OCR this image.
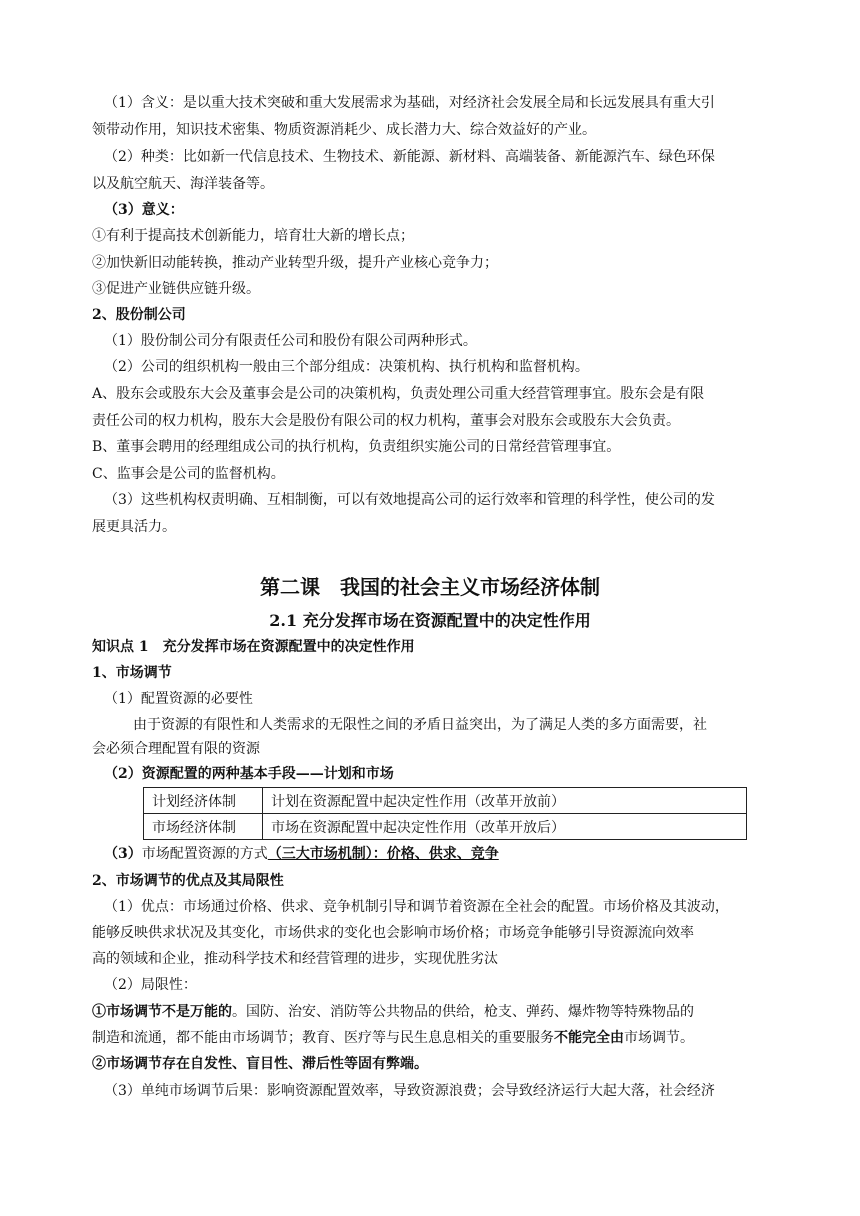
（1）含义：是以重大技术突破和重大发展需求为基础，对经济社会发展全局和长远发展具有重大引
领带动作用，知识技术密集、物质资源消耗少、成长潜力大、综合效益好的产业。
（2）种类：比如新一代信息技术、生物技术、新能源、新材料、高端装备、新能源汽车、绿色环保
以及航空航天、海洋装备等。
（3）意义：
①有利于提高技术创新能力，培育壮大新的增长点；
②加快新旧动能转换，推动产业转型升级，提升产业核心竞争力；
③促进产业链供应链升级。
2、股份制公司
（1）股份制公司分有限责任公司和股份有限公司两种形式。
（2）公司的组织机构一般由三个部分组成：决策机构、执行机构和监督机构。
A、股东会或股东大会及董事会是公司的决策机构，负责处理公司重大经营管理事宜。股东会是有限
责任公司的权力机构，股东大会是股份有限公司的权力机构，董事会对股东会或股东大会负责。
B、董事会聘用的经理组成公司的执行机构，负责组织实施公司的日常经营管理事宜。
C、监事会是公司的监督机构。
（3）这些机构权责明确、互相制衡，可以有效地提高公司的运行效率和管理的科学性，使公司的发
展更具活力。
第二课　我国的社会主义市场经济体制
2.1 充分发挥市场在资源配置中的决定性作用
知识点 1　充分发挥市场在资源配置中的决定性作用
1、市场调节
（1）配置资源的必要性
由于资源的有限性和人类需求的无限性之间的矛盾日益突出，为了满足人类的多方面需要，社
会必须合理配置有限的资源
（2）资源配置的两种基本手段——计划和市场
计划经济体制	计划在资源配置中起决定性作用（改革开放前）
市场经济体制	市场在资源配置中起决定性作用（改革开放后）
（3）市场配置资源的方式（三大市场机制）：价格、供求、竞争
2、市场调节的优点及其局限性
（1）优点：市场通过价格、供求、竞争机制引导和调节着资源在全社会的配置。市场价格及其波动，
能够反映供求状况及其变化，市场供求的变化也会影响市场价格；市场竞争能够引导资源流向效率
高的领域和企业，推动科学技术和经营管理的进步，实现优胜劣汰
（2）局限性：
①市场调节不是万能的。国防、治安、消防等公共物品的供给，枪支、弹药、爆炸物等特殊物品的
制造和流通，都不能由市场调节；教育、医疗等与民生息息相关的重要服务不能完全由市场调节。
②市场调节存在自发性、盲目性、滞后性等固有弊端。
（3）单纯市场调节后果：影响资源配置效率，导致资源浪费；会导致经济运行大起大落，社会经济
